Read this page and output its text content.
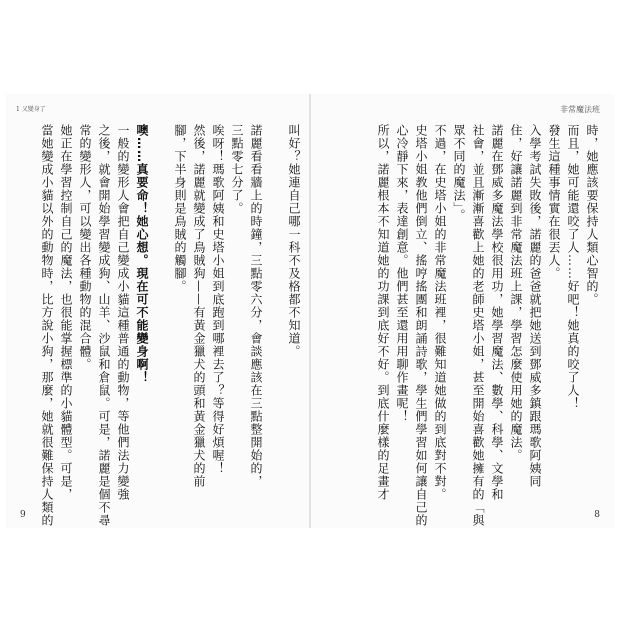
1 又變身了
叫好？她連自己哪一科不及格都不知道。
諾麗看看牆上的時鐘，三點零六分，會談應該在三點整開始的，
三點零七分了。
唉呀！瑪歌阿姨和史塔小姐到底跑到哪裡去了？等得好煩喔！
然後，諾麗就變成了鳥賊狗——有黃金獵犬的頭和黃金獵犬的前
腳，下半身則是鳥賊的觸腳。
噢……真要命！她心想。現在可不能變身啊！
一般的變形人會把自己變成小貓這種普通的動物，等他們法力變強
之後，就會開始學習變成狗、山羊、沙鼠和倉鼠。可是，諾麗是個不尋
常的變形人，可以變出各種動物的混合體。
她正在學習控制自己的魔法，也很能掌握標準的小貓體型。可是，
當她變成小貓以外的動物時，比方說小狗，那麼，她就很難保持人類的
9
非常魔法班
時，她應該要保持人類心智的。
而且，她可能還咬了人……好吧！她真的咬了人！
發生這種事情實在很丟人。
入學考試失敗後，諾麗的爸爸就把她送到鄧威多鎮跟瑪歌阿姨同
住，好讓諾麗到非常魔法班上課，學習怎麼使用她的魔法。
諾麗在鄧威多魔法學校很用功，她學習魔法、數學、科學、文學和
社會，並且漸漸喜歡上她的老師史塔小姐，甚至開始喜歡她擁有的「與
眾不同的魔法」。
不過，在史塔小姐的非常魔法班裡，很難知道她做的到底對不對。
史塔小姐教他們倒立、搖哼搖團和朗誦詩歌，學生們學習如何讓自己的
心冷靜下來，表達創意。他們甚至還用用聊作畫呢！
所以，諾麗根本不知道她的功課到底好不好。到底什麼樣的足畫才
8
